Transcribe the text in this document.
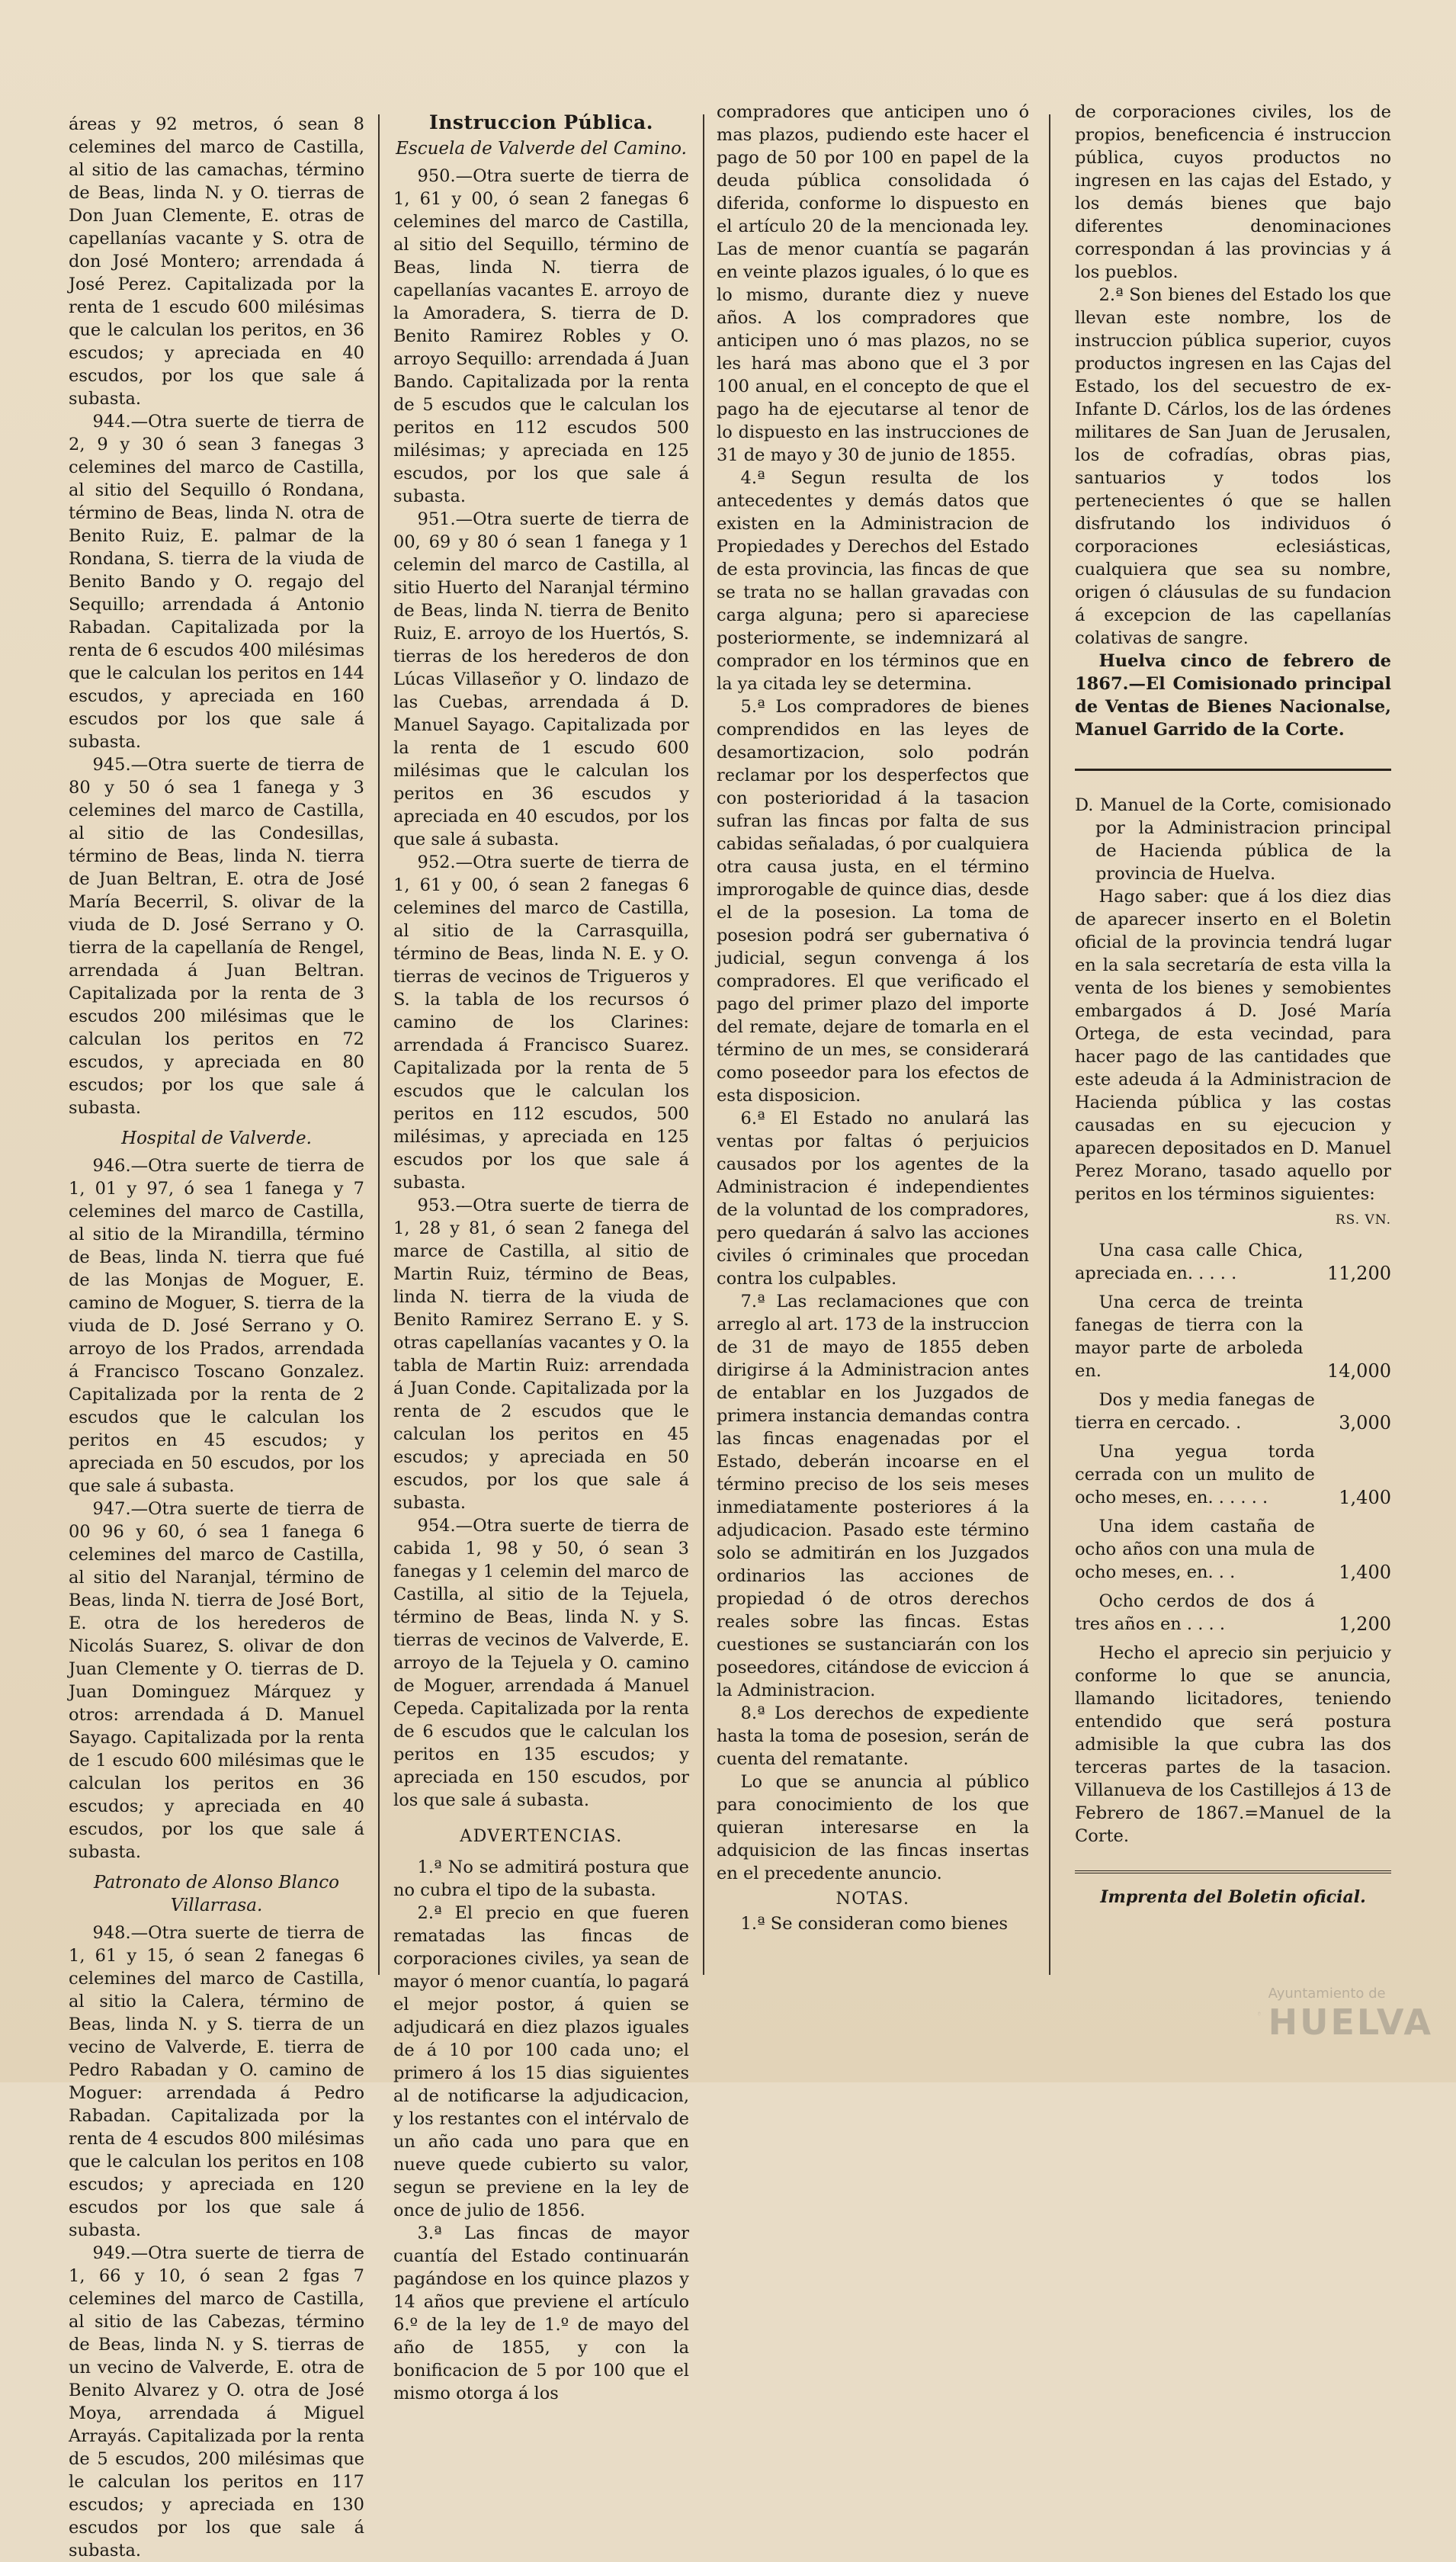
áreas y 92 metros, ó sean 8 celemines del marco de Castilla, al sitio de las camachas, término de Beas, linda N. y O. tierras de Don Juan Clemente, E. otras de capellanías vacante y S. otra de don José Montero; arrendada á José Perez. Capitalizada por la renta de 1 escudo 600 milésimas que le calculan los peritos, en 36 escudos; y apreciada en 40 escudos, por los que sale á subasta.

944.—Otra suerte de tierra de 2, 9 y 30 ó sean 3 fanegas 3 celemines del marco de Castilla, al sitio del Sequillo ó Rondana, término de Beas, linda N. otra de Benito Ruiz, E. palmar de la Rondana, S. tierra de la viuda de Benito Bando y O. regajo del Sequillo; arrendada á Antonio Rabadan. Capitalizada por la renta de 6 escudos 400 milésimas que le calculan los peritos en 144 escudos, y apreciada en 160 escudos por los que sale á subasta.

945.—Otra suerte de tierra de 80 y 50 ó sea 1 fanega y 3 celemines del marco de Castilla, al sitio de las Condesillas, término de Beas, linda N. tierra de Juan Beltran, E. otra de José María Becerril, S. olivar de la viuda de D. José Serrano y O. tierra de la capellanía de Rengel, arrendada á Juan Beltran. Capitalizada por la renta de 3 escudos 200 milésimas que le calculan los peritos en 72 escudos, y apreciada en 80 escudos; por los que sale á subasta.

Hospital de Valverde.

946.—Otra suerte de tierra de 1, 01 y 97, ó sea 1 fanega y 7 celemines del marco de Castilla, al sitio de la Mirandilla, término de Beas, linda N. tierra que fué de las Monjas de Moguer, E. camino de Moguer, S. tierra de la viuda de D. José Serrano y O. arroyo de los Prados, arrendada á Francisco Toscano Gonzalez. Capitalizada por la renta de 2 escudos que le calculan los peritos en 45 escudos; y apreciada en 50 escudos, por los que sale á subasta.

947.—Otra suerte de tierra de 00 96 y 60, ó sea 1 fanega 6 celemines del marco de Castilla, al sitio del Naranjal, término de Beas, linda N. tierra de José Bort, E. otra de los herederos de Nicolás Suarez, S. olivar de don Juan Clemente y O. tierras de D. Juan Dominguez Márquez y otros: arrendada á D. Manuel Sayago. Capitalizada por la renta de 1 escudo 600 milésimas que le calculan los peritos en 36 escudos; y apreciada en 40 escudos, por los que sale á subasta.

Patronato de Alonso Blanco Villarrasa.

948.—Otra suerte de tierra de 1, 61 y 15, ó sean 2 fanegas 6 celemines del marco de Castilla, al sitio la Calera, término de Beas, linda N. y S. tierra de un vecino de Valverde, E. tierra de Pedro Rabadan y O. camino de Moguer: arrendada á Pedro Rabadan. Capitalizada por la renta de 4 escudos 800 milésimas que le calculan los peritos en 108 escudos; y apreciada en 120 escudos por los que sale á subasta.

949.—Otra suerte de tierra de 1, 66 y 10, ó sean 2 fgas 7 celemines del marco de Castilla, al sitio de las Cabezas, término de Beas, linda N. y S. tierras de un vecino de Valverde, E. otra de Benito Alvarez y O. otra de José Moya, arrendada á Miguel Arrayás. Capitalizada por la renta de 5 escudos, 200 milésimas que le calculan los peritos en 117 escudos; y apreciada en 130 escudos por los que sale á subasta.

Instruccion Pública.
Escuela de Valverde del Camino.

950.—Otra suerte de tierra de 1, 61 y 00, ó sean 2 fanegas 6 celemines del marco de Castilla, al sitio del Sequillo, término de Beas, linda N. tierra de capellanías vacantes E. arroyo de la Amoradera, S. tierra de D. Benito Ramirez Robles y O. arroyo Sequillo: arrendada á Juan Bando. Capitalizada por la renta de 5 escudos que le calculan los peritos en 112 escudos 500 milésimas; y apreciada en 125 escudos, por los que sale á subasta.

951.—Otra suerte de tierra de 00, 69 y 80 ó sean 1 fanega y 1 celemin del marco de Castilla, al sitio Huerto del Naranjal término de Beas, linda N. tierra de Benito Ruiz, E. arroyo de los Huertós, S. tierras de los herederos de don Lúcas Villaseñor y O. lindazo de las Cuebas, arrendada á D. Manuel Sayago. Capitalizada por la renta de 1 escudo 600 milésimas que le calculan los peritos en 36 escudos y apreciada en 40 escudos, por los que sale á subasta.

952.—Otra suerte de tierra de 1, 61 y 00, ó sean 2 fanegas 6 celemines del marco de Castilla, al sitio de la Carrasquilla, término de Beas, linda N. E. y O. tierras de vecinos de Trigueros y S. la tabla de los recursos ó camino de los Clarines: arrendada á Francisco Suarez. Capitalizada por la renta de 5 escudos que le calculan los peritos en 112 escudos, 500 milésimas, y apreciada en 125 escudos por los que sale á subasta.

953.—Otra suerte de tierra de 1, 28 y 81, ó sean 2 fanega del marce de Castilla, al sitio de Martin Ruiz, término de Beas, linda N. tierra de la viuda de Benito Ramirez Serrano E. y S. otras capellanías vacantes y O. la tabla de Martin Ruiz: arrendada á Juan Conde. Capitalizada por la renta de 2 escudos que le calculan los peritos en 45 escudos; y apreciada en 50 escudos, por los que sale á subasta.

954.—Otra suerte de tierra de cabida 1, 98 y 50, ó sean 3 fanegas y 1 celemin del marco de Castilla, al sitio de la Tejuela, término de Beas, linda N. y S. tierras de vecinos de Valverde, E. arroyo de la Tejuela y O. camino de Moguer, arrendada á Manuel Cepeda. Capitalizada por la renta de 6 escudos que le calculan los peritos en 135 escudos; y apreciada en 150 escudos, por los que sale á subasta.

ADVERTENCIAS.

1.ª No se admitirá postura que no cubra el tipo de la subasta.

2.ª El precio en que fueren rematadas las fincas de corporaciones civiles, ya sean de mayor ó menor cuantía, lo pagará el mejor postor, á quien se adjudicará en diez plazos iguales de á 10 por 100 cada uno; el primero á los 15 dias siguientes al de notificarse la adjudicacion, y los restantes con el intérvalo de un año cada uno para que en nueve quede cubierto su valor, segun se previene en la ley de once de julio de 1856.

3.ª Las fincas de mayor cuantía del Estado continuarán pagándose en los quince plazos y 14 años que previene el artículo 6.º de la ley de 1.º de mayo del año de 1855, y con la bonificacion de 5 por 100 que el mismo otorga á los

compradores que anticipen uno ó mas plazos, pudiendo este hacer el pago de 50 por 100 en papel de la deuda pública consolidada ó diferida, conforme lo dispuesto en el artículo 20 de la mencionada ley. Las de menor cuantía se pagarán en veinte plazos iguales, ó lo que es lo mismo, durante diez y nueve años. A los compradores que anticipen uno ó mas plazos, no se les hará mas abono que el 3 por 100 anual, en el concepto de que el pago ha de ejecutarse al tenor de lo dispuesto en las instrucciones de 31 de mayo y 30 de junio de 1855.

4.ª Segun resulta de los antecedentes y demás datos que existen en la Administracion de Propiedades y Derechos del Estado de esta provincia, las fincas de que se trata no se hallan gravadas con carga alguna; pero si apareciese posteriormente, se indemnizará al comprador en los términos que en la ya citada ley se determina.

5.ª Los compradores de bienes comprendidos en las leyes de desamortizacion, solo podrán reclamar por los desperfectos que con posterioridad á la tasacion sufran las fincas por falta de sus cabidas señaladas, ó por cualquiera otra causa justa, en el término improrogable de quince dias, desde el de la posesion. La toma de posesion podrá ser gubernativa ó judicial, segun convenga á los compradores. El que verificado el pago del primer plazo del importe del remate, dejare de tomarla en el término de un mes, se considerará como poseedor para los efectos de esta disposicion.

6.ª El Estado no anulará las ventas por faltas ó perjuicios causados por los agentes de la Administracion é independientes de la voluntad de los compradores, pero quedarán á salvo las acciones civiles ó criminales que procedan contra los culpables.

7.ª Las reclamaciones que con arreglo al art. 173 de la instruccion de 31 de mayo de 1855 deben dirigirse á la Administracion antes de entablar en los Juzgados de primera instancia demandas contra las fincas enagenadas por el Estado, deberán incoarse en el término preciso de los seis meses inmediatamente posteriores á la adjudicacion. Pasado este término solo se admitirán en los Juzgados ordinarios las acciones de propiedad ó de otros derechos reales sobre las fincas. Estas cuestiones se sustanciarán con los poseedores, citándose de eviccion á la Administracion.

8.ª Los derechos de expediente hasta la toma de posesion, serán de cuenta del rematante.

Lo que se anuncia al público para conocimiento de los que quieran interesarse en la adquisicion de las fincas insertas en el precedente anuncio.

NOTAS.

1.ª Se consideran como bienes

de corporaciones civiles, los de propios, beneficencia é instruccion pública, cuyos productos no ingresen en las cajas del Estado, y los demás bienes que bajo diferentes denominaciones correspondan á las provincias y á los pueblos.

2.ª Son bienes del Estado los que llevan este nombre, los de instruccion pública superior, cuyos productos ingresen en las Cajas del Estado, los del secuestro de ex-Infante D. Cárlos, los de las órdenes militares de San Juan de Jerusalen, los de cofradías, obras pias, santuarios y todos los pertenecientes ó que se hallen disfrutando los individuos ó corporaciones eclesiásticas, cualquiera que sea su nombre, origen ó cláusulas de su fundacion á excepcion de las capellanías colativas de sangre.

Huelva cinco de febrero de 1867.—El Comisionado principal de Ventas de Bienes Nacionalse, Manuel Garrido de la Corte.

D. Manuel de la Corte, comisionado por la Administracion principal de Hacienda pública de la provincia de Huelva.

Hago saber: que á los diez dias de aparecer inserto en el Boletin oficial de la provincia tendrá lugar en la sala secretaría de esta villa la venta de los bienes y semobientes embargados á D. José María Ortega, de esta vecindad, para hacer pago de las cantidades que este adeuda á la Administracion de Hacienda pública y las costas causadas en su ejecucion y aparecen depositados en D. Manuel Perez Morano, tasado aquello por peritos en los términos siguientes:

RS. VN.

Una casa calle Chica, apreciada en. . . . .	11,200

Una cerca de treinta fanegas de tierra con la mayor parte de arboleda en.	14,000

Dos y media fanegas de tierra en cercado. .	3,000

Una yegua torda cerrada con un mulito de ocho meses, en. . . . . .	1,400

Una idem castaña de ocho años con una mula de ocho meses, en. . .	1,400

Ocho cerdos de dos á tres años en . . . .	1,200

Hecho el aprecio sin perjuicio y conforme lo que se anuncia, llamando licitadores, teniendo entendido que será postura admisible la que cubra las dos terceras partes de la tasacion. Villanueva de los Castillejos á 13 de Febrero de 1867.=Manuel de la Corte.

Imprenta del Boletin oficial.
Ayuntamiento de
HUELVA
